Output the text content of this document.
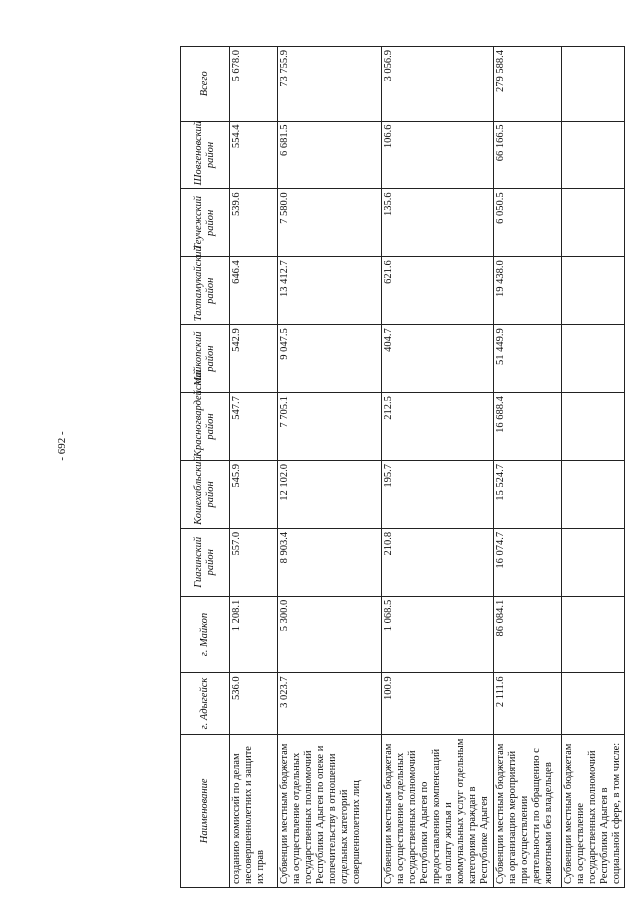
- 692 -
Наименование	г. Адыгейск	г. Майкоп	Гиагинский район	Кошехабльский район	Красногвардейский район	Майкопский район	Тахтамукайский район	Теучежский район	Шовгеновский район	Всего
созданию комиссий по делам несовершеннолетних и защите их прав	536.0	1 208.1	557.0	545.9	547.7	542.9	646.4	539.6	554.4	5 678.0
Субвенции местным бюджетам на осуществление отдельных государственных полномочий Республики Адыгея по опеке и попечительству в отношении отдельных категорий совершеннолетних лиц	3 023.7	5 300.0	8 903.4	12 102.0	7 705.1	9 047.5	13 412.7	7 580.0	6 681.5	73 755.9
Субвенции местным бюджетам на осуществление отдельных государственных полномочий Республики Адыгея по предоставлению компенсаций на оплату жилья и коммунальных услуг отдельным категориям граждан в Республике Адыгея	100.9	1 068.5	210.8	195.7	212.5	404.7	621.6	135.6	106.6	3 056.9
Субвенции местным бюджетам на организацию мероприятий при осуществлении деятельности по обращению с животными без владельцев	2 111.6	86 084.1	16 074.7	15 524.7	16 688.4	51 449.9	19 438.0	6 050.5	66 166.5	279 588.4
Субвенции местным бюджетам на осуществление государственных полномочий Республики Адыгея в социальной сфере, в том числе:										
